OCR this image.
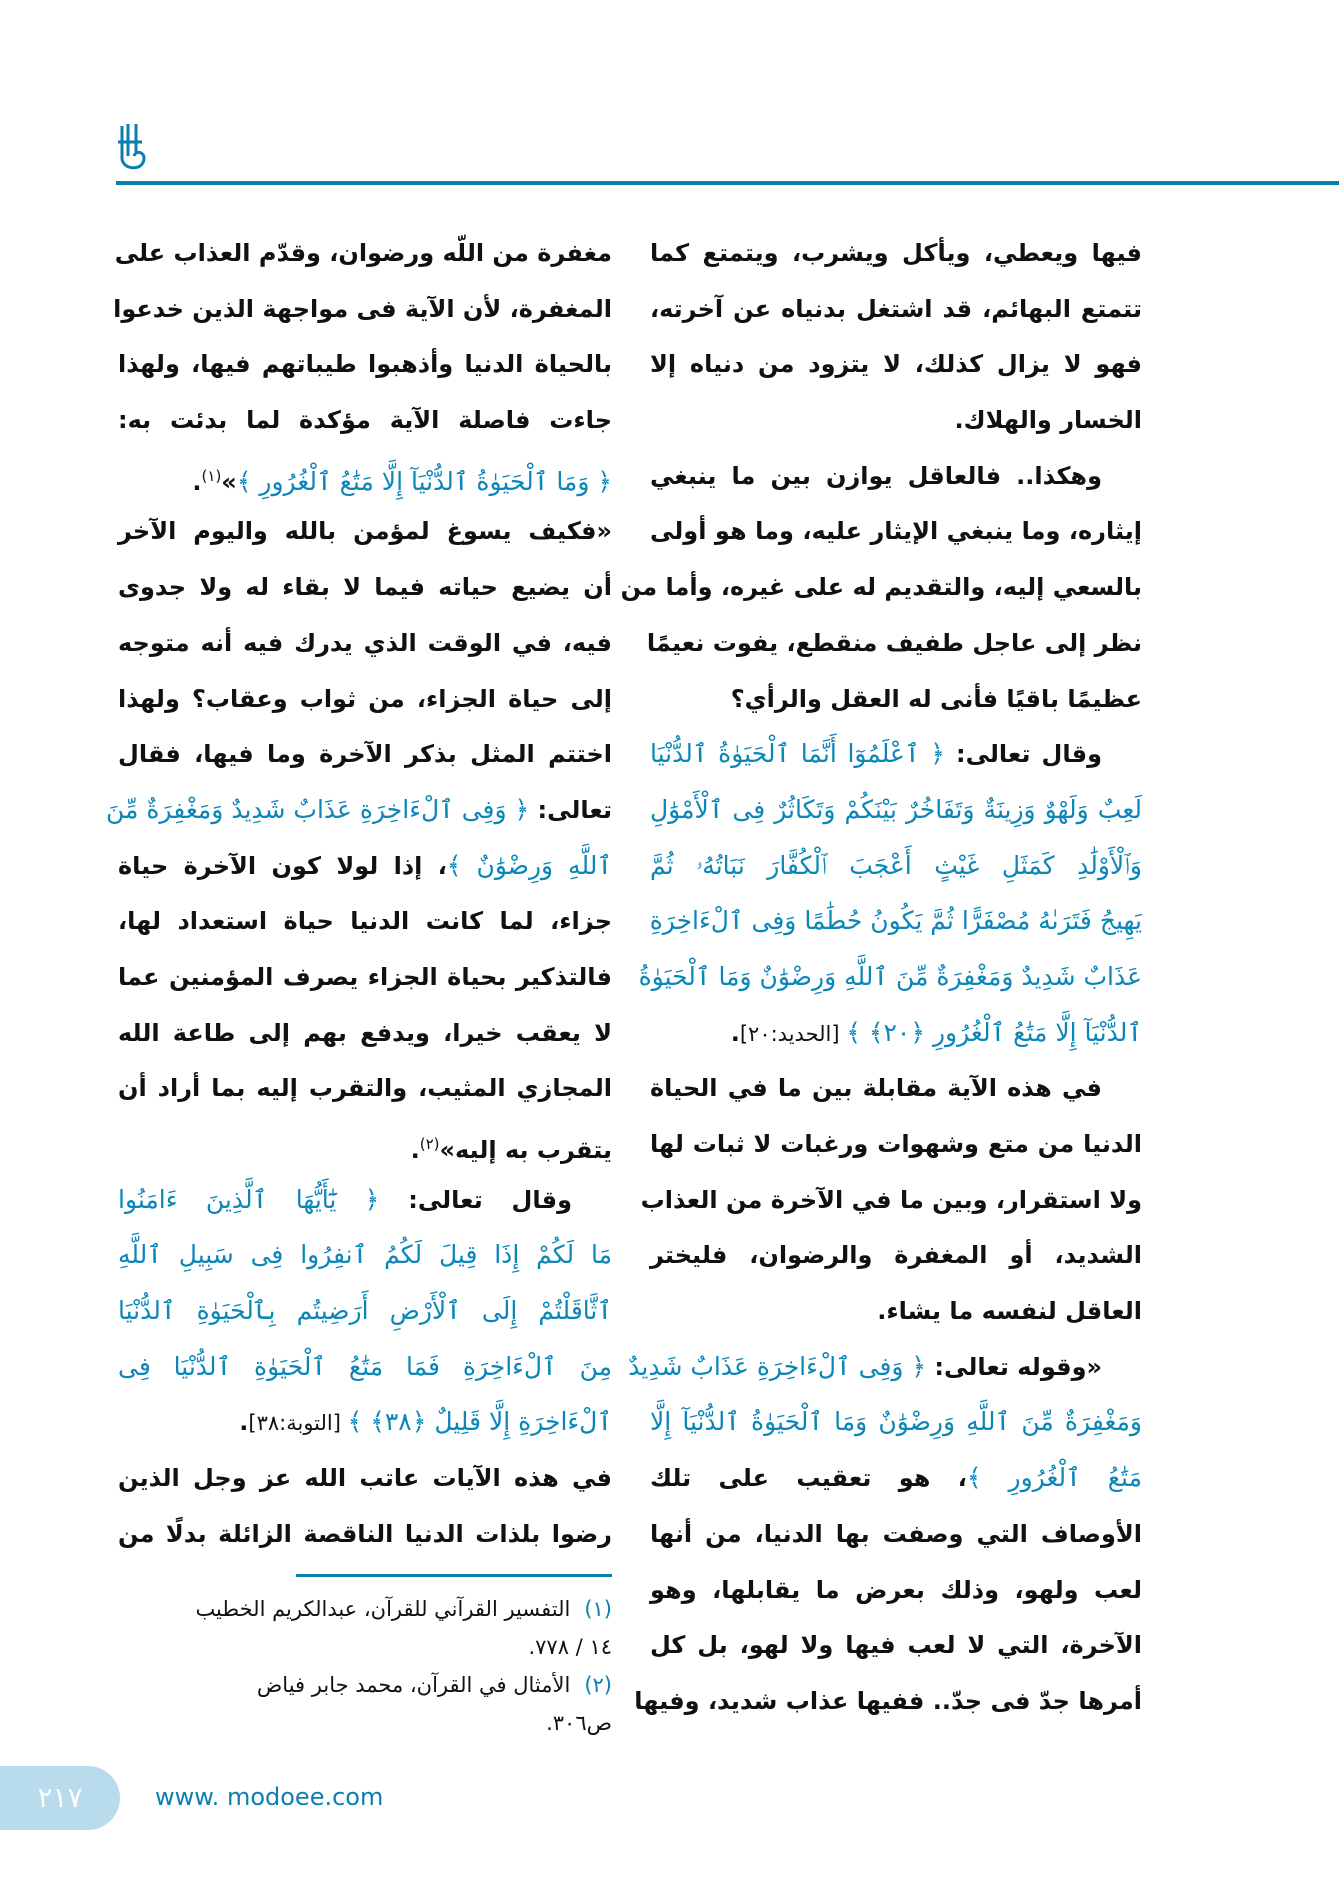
فيها ويعطي، ويأكل ويشرب، ويتمتع كما
تتمتع البهائم، قد اشتغل بدنياه عن آخرته،
فهو لا يزال كذلك، لا يتزود من دنياه إلا
الخسار والهلاك.
وهكذا.. فالعاقل يوازن بين ما ينبغي
إيثاره، وما ينبغي الإيثار عليه، وما هو أولى
بالسعي إليه، والتقديم له على غيره، وأما من
نظر إلى عاجل طفيف منقطع، يفوت نعيمًا
عظيمًا باقيًا فأنى له العقل والرأي؟
وقال تعالى: ﴿ ٱعْلَمُوٓا أَنَّمَا ٱلْحَيَوٰةُ ٱلدُّنْيَا
لَعِبٌ وَلَهْوٌ وَزِينَةٌ وَتَفَاخُرٌ بَيْنَكُمْ وَتَكَاثُرٌ فِى ٱلْأَمْوَٰلِ
وَٱلْأَوْلَٰدِ كَمَثَلِ غَيْثٍ أَعْجَبَ ٱلْكُفَّارَ نَبَاتُهُۥ ثُمَّ
يَهِيجُ فَتَرَىٰهُ مُصْفَرًّا ثُمَّ يَكُونُ حُطَٰمًا وَفِى ٱلْءَاخِرَةِ
عَذَابٌ شَدِيدٌ وَمَغْفِرَةٌ مِّنَ ٱللَّهِ وَرِضْوَٰنٌ وَمَا ٱلْحَيَوٰةُ
ٱلدُّنْيَآ إِلَّا مَتَٰعُ ٱلْغُرُورِ ﴿٢٠﴾ ﴾ [الحديد:٢٠].
في هذه الآية مقابلة بين ما في الحياة
الدنيا من متع وشهوات ورغبات لا ثبات لها
ولا استقرار، وبين ما في الآخرة من العذاب
الشديد، أو المغفرة والرضوان، فليختر
العاقل لنفسه ما يشاء.
«وقوله تعالى: ﴿ وَفِى ٱلْءَاخِرَةِ عَذَابٌ شَدِيدٌ
وَمَغْفِرَةٌ مِّنَ ٱللَّهِ وَرِضْوَٰنٌ وَمَا ٱلْحَيَوٰةُ ٱلدُّنْيَآ إِلَّا
مَتَٰعُ ٱلْغُرُورِ ﴾، هو تعقيب على تلك
الأوصاف التي وصفت بها الدنيا، من أنها
لعب ولهو، وذلك بعرض ما يقابلها، وهو
الآخرة، التي لا لعب فيها ولا لهو، بل كل
أمرها جدّ فى جدّ.. ففيها عذاب شديد، وفيها
مغفرة من اللّه ورضوان، وقدّم العذاب على
المغفرة، لأن الآية فى مواجهة الذين خدعوا
بالحياة الدنيا وأذهبوا طيباتهم فيها، ولهذا
جاءت فاصلة الآية مؤكدة لما بدئت به:
﴿ وَمَا ٱلْحَيَوٰةُ ٱلدُّنْيَآ إِلَّا مَتَٰعُ ٱلْغُرُورِ ﴾»$^{(١)}$.
«فكيف يسوغ لمؤمن بالله واليوم الآخر
أن يضيع حياته فيما لا بقاء له ولا جدوى
فيه، في الوقت الذي يدرك فيه أنه متوجه
إلى حياة الجزاء، من ثواب وعقاب؟ ولهذا
اختتم المثل بذكر الآخرة وما فيها، فقال
تعالى: ﴿ وَفِى ٱلْءَاخِرَةِ عَذَابٌ شَدِيدٌ وَمَغْفِرَةٌ مِّنَ
ٱللَّهِ وَرِضْوَٰنٌ ﴾، إذا لولا كون الآخرة حياة
جزاء، لما كانت الدنيا حياة استعداد لها،
فالتذكير بحياة الجزاء يصرف المؤمنين عما
لا يعقب خيرا، ويدفع بهم إلى طاعة الله
المجازي المثيب، والتقرب إليه بما أراد أن
يتقرب به إليه»$^{(٢)}$.
وقال تعالى: ﴿ يَٰٓأَيُّهَا ٱلَّذِينَ ءَامَنُوا
مَا لَكُمْ إِذَا قِيلَ لَكُمُ ٱنفِرُوا فِى سَبِيلِ ٱللَّهِ
ٱثَّاقَلْتُمْ إِلَى ٱلْأَرْضِ أَرَضِيتُم بِٱلْحَيَوٰةِ ٱلدُّنْيَا
مِنَ ٱلْءَاخِرَةِ فَمَا مَتَٰعُ ٱلْحَيَوٰةِ ٱلدُّنْيَا فِى
ٱلْءَاخِرَةِ إِلَّا قَلِيلٌ ﴿٣٨﴾ ﴾ [التوبة:٣٨].
في هذه الآيات عاتب الله عز وجل الذين
رضوا بلذات الدنيا الناقصة الزائلة بدلًا من
(١)التفسير القرآني للقرآن، عبدالكريم الخطيب
١٤ / ٧٧٨.
(٢)الأمثال في القرآن، محمد جابر فياض
ص٣٠٦.
٢١٧	www. modoee.com
